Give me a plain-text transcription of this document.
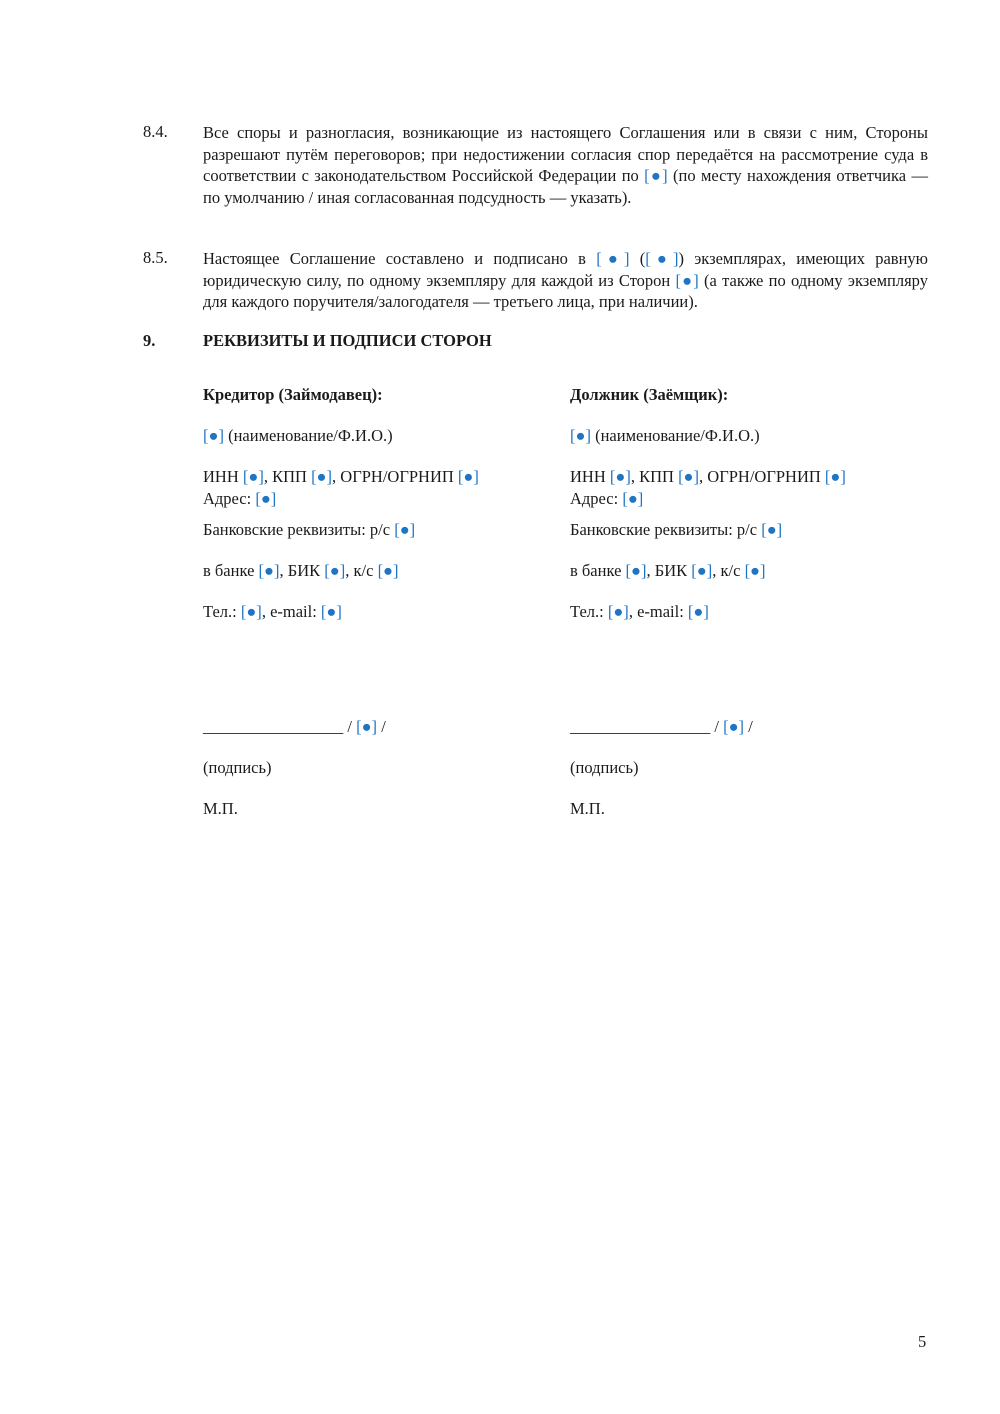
8.4. Все споры и разногласия, возникающие из настоящего Соглашения или в связи с ним, Стороны разрешают путём переговоров; при недостижении согласия спор передаётся на рассмотрение суда в соответствии с законодательством Российской Федерации по [●] (по месту нахождения ответчика — по умолчанию / иная согласованная подсудность — указать).
8.5. Настоящее Соглашение составлено и подписано в [●] ([●]) экземплярах, имеющих равную юридическую силу, по одному экземпляру для каждой из Сторон [●] (а также по одному экземпляру для каждого поручителя/залогодателя — третьего лица, при наличии).
9.	РЕКВИЗИТЫ И ПОДПИСИ СТОРОН
Кредитор (Займодавец):
[●] (наименование/Ф.И.О.)
ИНН [●], КПП [●], ОГРН/ОГРНИП [●]
Адрес: [●]
Банковские реквизиты: р/с [●]
в банке [●], БИК [●], к/с [●]
Тел.: [●], e-mail: [●]
_________________ / [●] /
(подпись)
М.П.
Должник (Заёмщик):
[●] (наименование/Ф.И.О.)
ИНН [●], КПП [●], ОГРН/ОГРНИП [●]
Адрес: [●]
Банковские реквизиты: р/с [●]
в банке [●], БИК [●], к/с [●]
Тел.: [●], e-mail: [●]
_________________ / [●] /
(подпись)
М.П.
5
